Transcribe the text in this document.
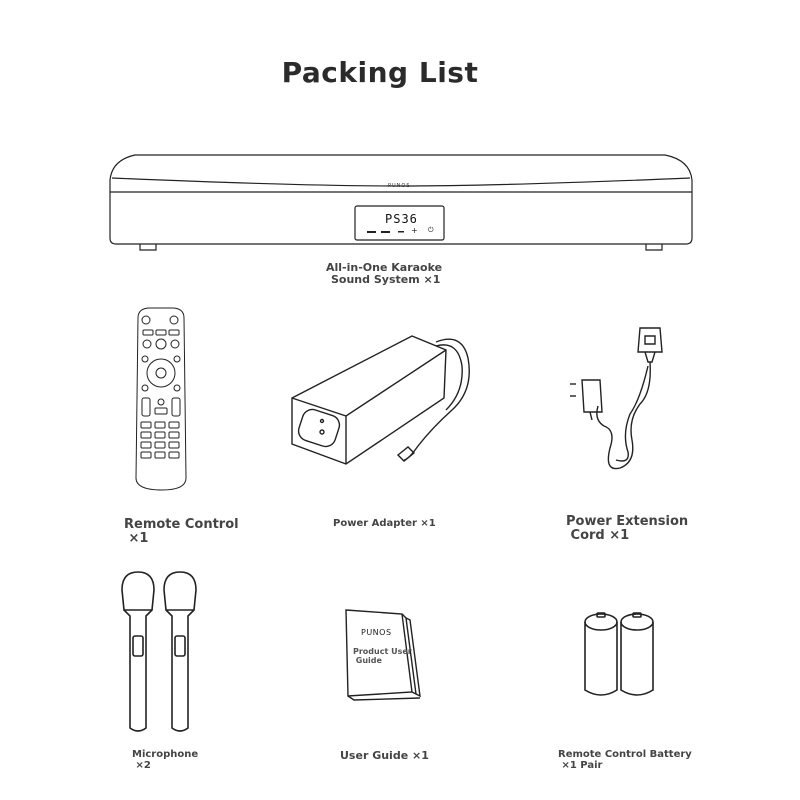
Packing List
PUNOS
PS36
+ ⏻
All-in-One Karaoke
Sound System ×1
Remote Control
×1
Power Adapter ×1	Power Extension
Cord ×1
Microphone
×2
PUNOS
Product User
Guide
User Guide ×1	Remote Control Battery
×1 Pair
